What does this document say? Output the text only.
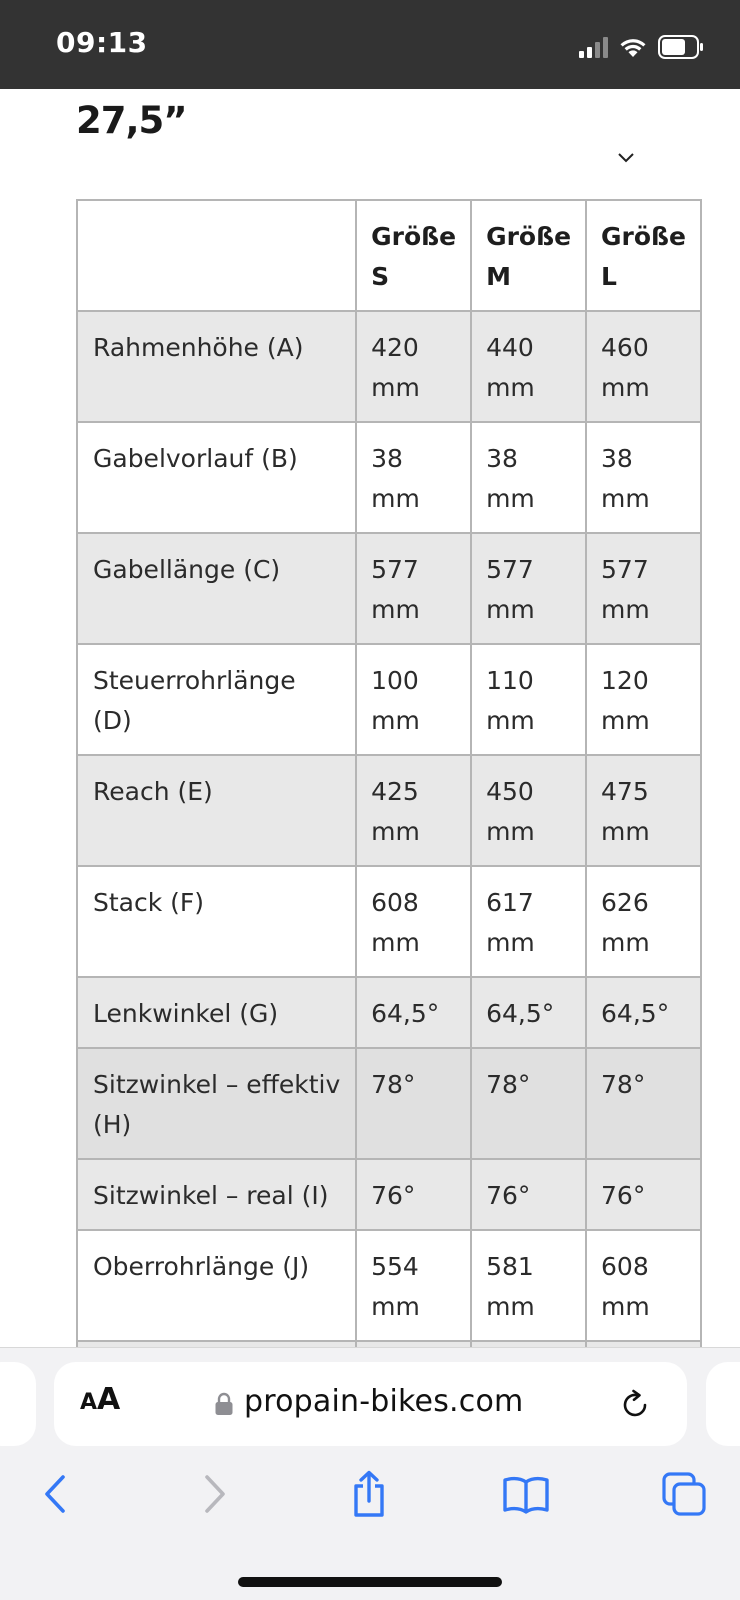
09:13
27,5”
	Größe S	Größe M	Größe L
Rahmenhöhe (A)	420 mm	440 mm	460 mm
Gabelvorlauf (B)	38 mm	38 mm	38 mm
Gabellänge (C)	577 mm	577 mm	577 mm
Steuerrohrlänge (D)	100 mm	110 mm	120 mm
Reach (E)	425 mm	450 mm	475 mm
Stack (F)	608 mm	617 mm	626 mm
Lenkwinkel (G)	64,5°	64,5°	64,5°
Sitzwinkel – effektiv (H)	78°	78°	78°
Sitzwinkel – real (I)	76°	76°	76°
Oberrohrlänge (J)	554 mm	581 mm	608 mm

AA	propain-bikes.com
